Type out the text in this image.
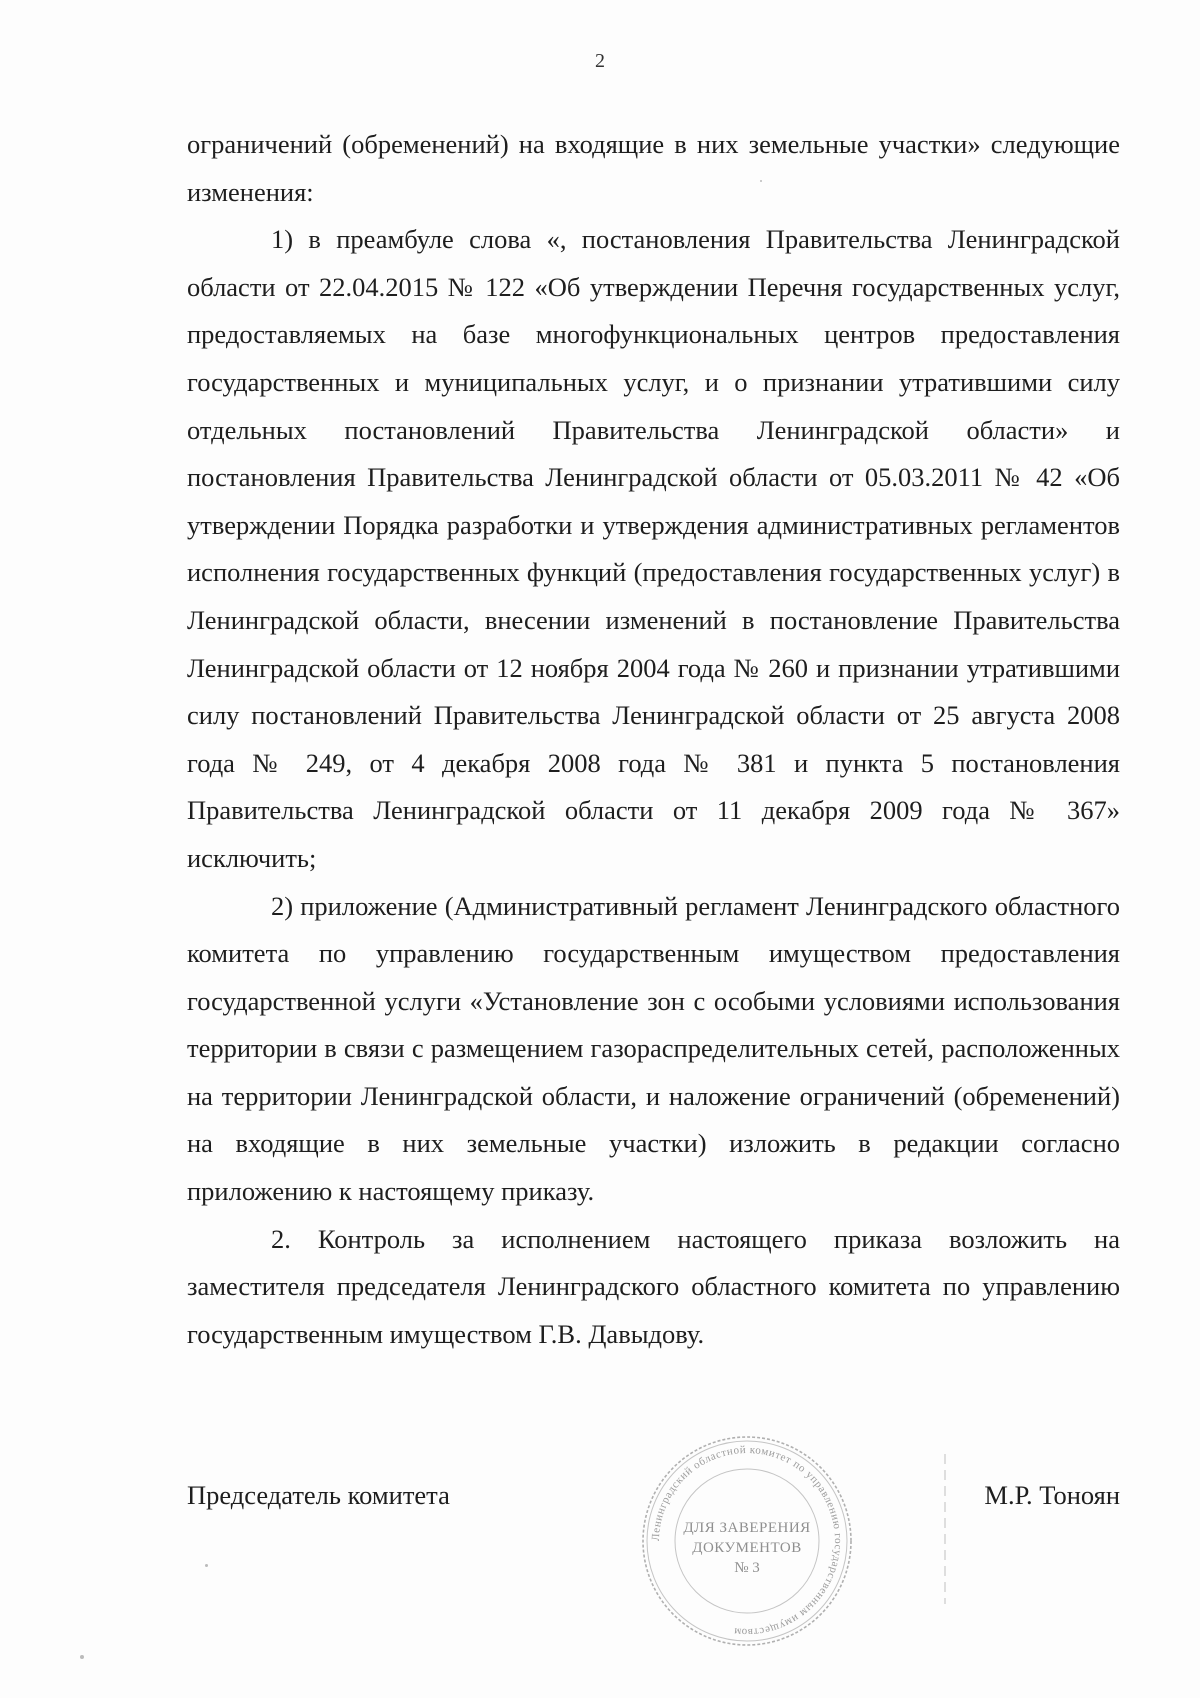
2

ограничений (обременений) на входящие в них земельные участки» следующие изменения:

1) в преамбуле слова «, постановления Правительства Ленинградской области от 22.04.2015 № 122 «Об утверждении Перечня государственных услуг, предоставляемых на базе многофункциональных центров предоставления государственных и муниципальных услуг, и о признании утратившими силу отдельных постановлений Правительства Ленинградской области» и постановления Правительства Ленинградской области от 05.03.2011 № 42 «Об утверждении Порядка разработки и утверждения административных регламентов исполнения государственных функций (предоставления государственных услуг) в Ленинградской области, внесении изменений в постановление Правительства Ленинградской области от 12 ноября 2004 года № 260 и признании утратившими силу постановлений Правительства Ленинградской области от 25 августа 2008 года № 249, от 4 декабря 2008 года № 381 и пункта 5 постановления Правительства Ленинградской области от 11 декабря 2009 года № 367» исключить;

2) приложение (Административный регламент Ленинградского областного комитета по управлению государственным имуществом предоставления государственной услуги «Установление зон с особыми условиями использования территории в связи с размещением газораспределительных сетей, расположенных на территории Ленинградской области, и наложение ограничений (обременений) на входящие в них земельные участки) изложить в редакции согласно приложению к настоящему приказу.

2. Контроль за исполнением настоящего приказа возложить на заместителя председателя Ленинградского областного комитета по управлению государственным имуществом Г.В. Давыдову.

Председатель комитета	М.Р. Тоноян
Ленинградский областной комитет по управлению государственным имуществом
ДЛЯ ЗАВЕРЕНИЯ
ДОКУМЕНТОВ
№ 3
